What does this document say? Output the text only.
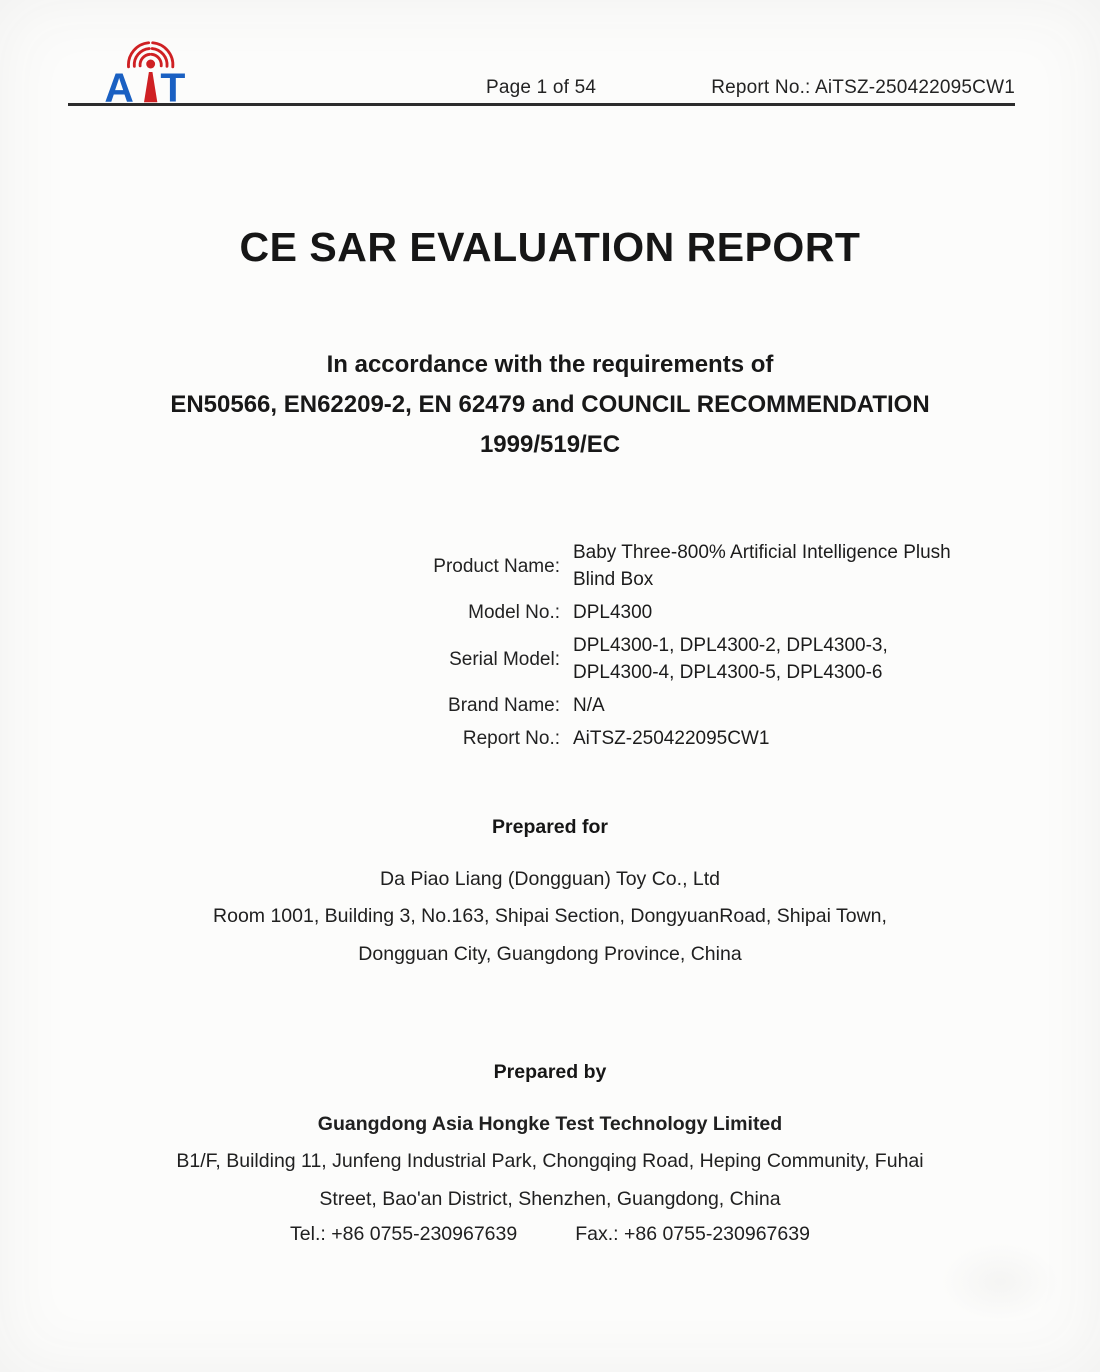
A T	Page 1 of 54	Report No.: AiTSZ-250422095CW1
CE SAR EVALUATION REPORT
In accordance with the requirements of
EN50566, EN62209-2, EN 62479 and COUNCIL RECOMMENDATION
1999/519/EC
Product Name:
Baby Three-800% Artificial Intelligence Plush
Blind Box
Model No.: DPL4300
Serial Model:
DPL4300-1, DPL4300-2, DPL4300-3,
DPL4300-4, DPL4300-5, DPL4300-6
Brand Name: N/A
Report No.: AiTSZ-250422095CW1
Prepared for
Da Piao Liang (Dongguan) Toy Co., Ltd
Room 1001, Building 3, No.163, Shipai Section, DongyuanRoad, Shipai Town,
Dongguan City, Guangdong Province, China
Prepared by
Guangdong Asia Hongke Test Technology Limited
B1/F, Building 11, Junfeng Industrial Park, Chongqing Road, Heping Community, Fuhai
Street, Bao'an District, Shenzhen, Guangdong, China
Tel.: +86 0755-230967639	Fax.: +86 0755-230967639
